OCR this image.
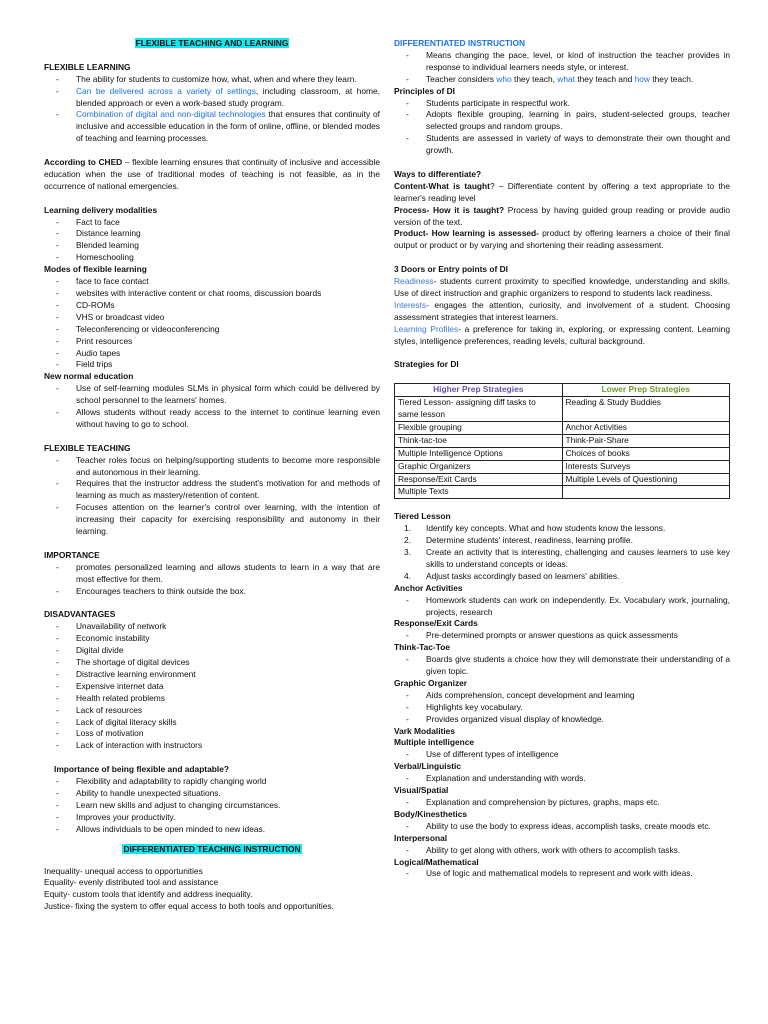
FLEXIBLE TEACHING AND LEARNING

FLEXIBLE LEARNING

- The ability for students to customize how, what, when and where they learn.
- Can be delivered across a variety of settings, including classroom, at home, blended approach or even a work-based study program.
- Combination of digital and non-digital technologies that ensures that continuity of inclusive and accessible education in the form of online, offline, or blended modes of teaching and learning processes.

According to CHED – flexible learning ensures that continuity of inclusive and accessible education when the use of traditional modes of teaching is not feasible, as in the occurrence of national emergencies.

Learning delivery modalities

- Fact to face
- Distance learning
- Blended learning
- Homeschooling

Modes of flexible learning

- face to face contact
- websites with interactive content or chat rooms, discussion boards
- CD-ROMs
- VHS or broadcast video
- Teleconferencing or videoconferencing
- Print resources
- Audio tapes
- Field trips

New normal education

- Use of self-learning modules SLMs in physical form which could be delivered by school personnel to the learners' homes.
- Allows students without ready access to the internet to continue learning even without having to go to school.

FLEXIBLE TEACHING

- Teacher roles focus on helping/supporting students to become more responsible and autonomous in their learning.
- Requires that the instructor address the student's motivation for and methods of learning as much as mastery/retention of content.
- Focuses attention on the learner's control over learning, with the intention of increasing their capacity for exercising responsibility and autonomy in their learning.

IMPORTANCE

- promotes personalized learning and allows students to learn in a way that are most effective for them.
- Encourages teachers to think outside the box.

DISADVANTAGES

- Unavailability of network
- Economic instability
- Digital divide
- The shortage of digital devices
- Distractive learning environment
- Expensive internet data
- Health related problems
- Lack of resources
- Lack of digital literacy skills
- Loss of motivation
- Lack of interaction with instructors

Importance of being flexible and adaptable?

- Flexibility and adaptability to rapidly changing world
- Ability to handle unexpected situations.
- Learn new skills and adjust to changing circumstances.
- Improves your productivity.
- Allows individuals to be open minded to new ideas.

DIFFERENTIATED TEACHING INSTRUCTION

Inequality- unequal access to opportunities

Equality- evenly distributed tool and assistance

Equity- custom tools that identify and address inequality.

Justice- fixing the system to offer equal access to both tools and opportunities.

DIFFERENTIATED INSTRUCTION

- Means changing the pace, level, or kind of instruction the teacher provides in response to individual learners needs style, or interest.
- Teacher considers who they teach, what they teach and how they teach.

Principles of DI

- Students participate in respectful work.
- Adopts flexible grouping, learning in pairs, student-selected groups, teacher selected groups and random groups.
- Students are assessed in variety of ways to demonstrate their own thought and growth.

Ways to differentiate?

Content-What is taught? – Differentiate content by offering a text appropriate to the learner's reading level

Process- How it is taught? Process by having guided group reading or provide audio version of the text.

Product- How learning is assessed- product by offering learners a choice of their final output or product or by varying and shortening their reading assessment.

3 Doors or Entry points of DI

Readiness- students current proximity to specified knowledge, understanding and skills. Use of direct instruction and graphic organizers to respond to students lack readiness.

Interests- engages the attention, curiosity, and involvement of a student. Choosing assessment strategies that interest learners.

Learning Profiles- a preference for taking in, exploring, or expressing content. Learning styles, intelligence preferences, reading levels, cultural background.

Strategies for DI

Higher Prep Strategies	Lower Prep Strategies
Tiered Lesson- assigning diff tasks to same lesson	Reading & Study Buddies
Flexible grouping	Anchor Activities
Think-tac-toe	Think-Pair-Share
Multiple Intelligence Options	Choices of books
Graphic Organizers	Interests Surveys
Response/Exit Cards	Multiple Levels of Questioning
Multiple Texts	

Tiered Lesson

1. Identify key concepts. What and how students know the lessons.
2. Determine students' interest, readiness, learning profile.
3. Create an activity that is interesting, challenging and causes learners to use key skills to understand concepts or ideas.
4. Adjust tasks accordingly based on learners' abilities.

Anchor Activities

- Homework students can work on independently. Ex. Vocabulary work, journaling, projects, research

Response/Exit Cards

- Pre-determined prompts or answer questions as quick assessments

Think-Tac-Toe

- Boards give students a choice how they will demonstrate their understanding of a given topic.

Graphic Organizer

- Aids comprehension, concept development and learning
- Highlights key vocabulary.
- Provides organized visual display of knowledge.

Vark Modalities

Multiple intelligence

- Use of different types of intelligence

Verbal/Linguistic

- Explanation and understanding with words.

Visual/Spatial

- Explanation and comprehension by pictures, graphs, maps etc.

Body/Kinesthetics

- Ability to use the body to express ideas, accomplish tasks, create moods etc.

Interpersonal

- Ability to get along with others, work with others to accomplish tasks.

Logical/Mathematical

- Use of logic and mathematical models to represent and work with ideas.
